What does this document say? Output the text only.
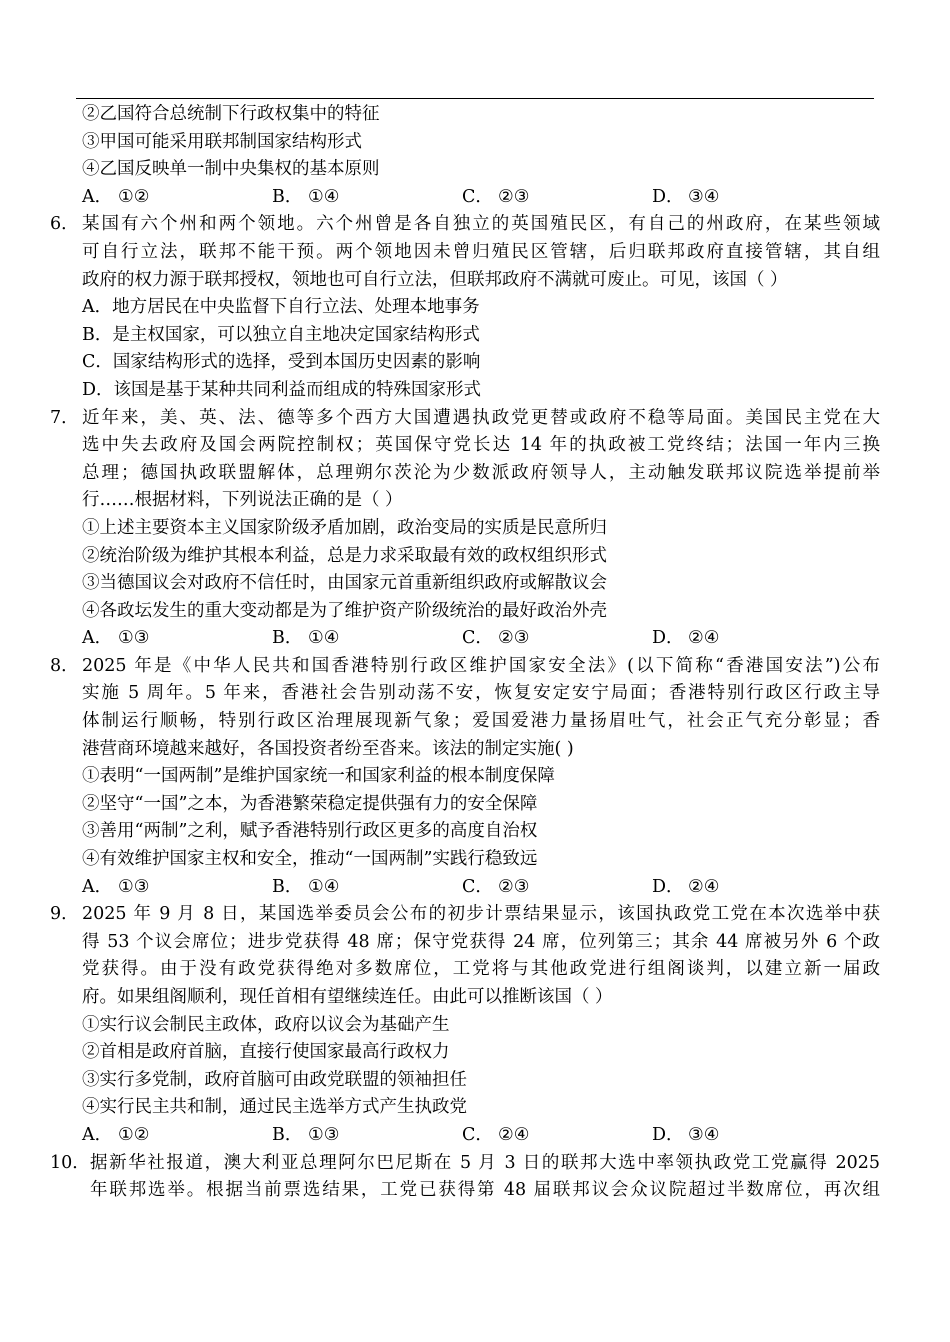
②乙国符合总统制下行政权集中的特征
③甲国可能采用联邦制国家结构形式
④乙国反映单一制中央集权的基本原则
A． ①②	B． ①④	C． ②③	D． ③④
6． 某国有六个州和两个领地。六个州曾是各自独立的英国殖民区，有自己的州政府，在某些领域
可自行立法，联邦不能干预。两个领地因未曾归殖民区管辖，后归联邦政府直接管辖，其自组
政府的权力源于联邦授权，领地也可自行立法，但联邦政府不满就可废止。可见，该国（ ）
A．地方居民在中央监督下自行立法、处理本地事务
B．是主权国家，可以独立自主地决定国家结构形式
C．国家结构形式的选择，受到本国历史因素的影响
D．该国是基于某种共同利益而组成的特殊国家形式
7． 近年来，美、英、法、德等多个西方大国遭遇执政党更替或政府不稳等局面。美国民主党在大
选中失去政府及国会两院控制权；英国保守党长达 14 年的执政被工党终结；法国一年内三换
总理；德国执政联盟解体，总理朔尔茨沦为少数派政府领导人，主动触发联邦议院选举提前举
行……根据材料，下列说法正确的是（ ）
①上述主要资本主义国家阶级矛盾加剧，政治变局的实质是民意所归
②统治阶级为维护其根本利益，总是力求采取最有效的政权组织形式
③当德国议会对政府不信任时，由国家元首重新组织政府或解散议会
④各政坛发生的重大变动都是为了维护资产阶级统治的最好政治外壳
A． ①③	B． ①④	C． ②③	D． ②④
8． 2025 年是《中华人民共和国香港特别行政区维护国家安全法》(以下简称“香港国安法”)公布
实施 5 周年。5 年来，香港社会告别动荡不安，恢复安定安宁局面；香港特别行政区行政主导
体制运行顺畅，特别行政区治理展现新气象；爱国爱港力量扬眉吐气，社会正气充分彰显；香
港营商环境越来越好，各国投资者纷至沓来。该法的制定实施( )
①表明“一国两制”是维护国家统一和国家利益的根本制度保障
②坚守“一国”之本，为香港繁荣稳定提供强有力的安全保障
③善用“两制”之利，赋予香港特别行政区更多的高度自治权
④有效维护国家主权和安全，推动“一国两制”实践行稳致远
A． ①③	B． ①④	C． ②③	D． ②④
9． 2025 年 9 月 8 日，某国选举委员会公布的初步计票结果显示，该国执政党工党在本次选举中获
得 53 个议会席位；进步党获得 48 席；保守党获得 24 席，位列第三；其余 44 席被另外 6 个政
党获得。由于没有政党获得绝对多数席位，工党将与其他政党进行组阁谈判，以建立新一届政
府。如果组阁顺利，现任首相有望继续连任。由此可以推断该国（ ）
①实行议会制民主政体，政府以议会为基础产生
②首相是政府首脑，直接行使国家最高行政权力
③实行多党制，政府首脑可由政党联盟的领袖担任
④实行民主共和制，通过民主选举方式产生执政党
A． ①②	B． ①③	C． ②④	D． ③④
10． 据新华社报道，澳大利亚总理阿尔巴尼斯在 5 月 3 日的联邦大选中率领执政党工党赢得 2025
年联邦选举。根据当前票选结果，工党已获得第 48 届联邦议会众议院超过半数席位，再次组
